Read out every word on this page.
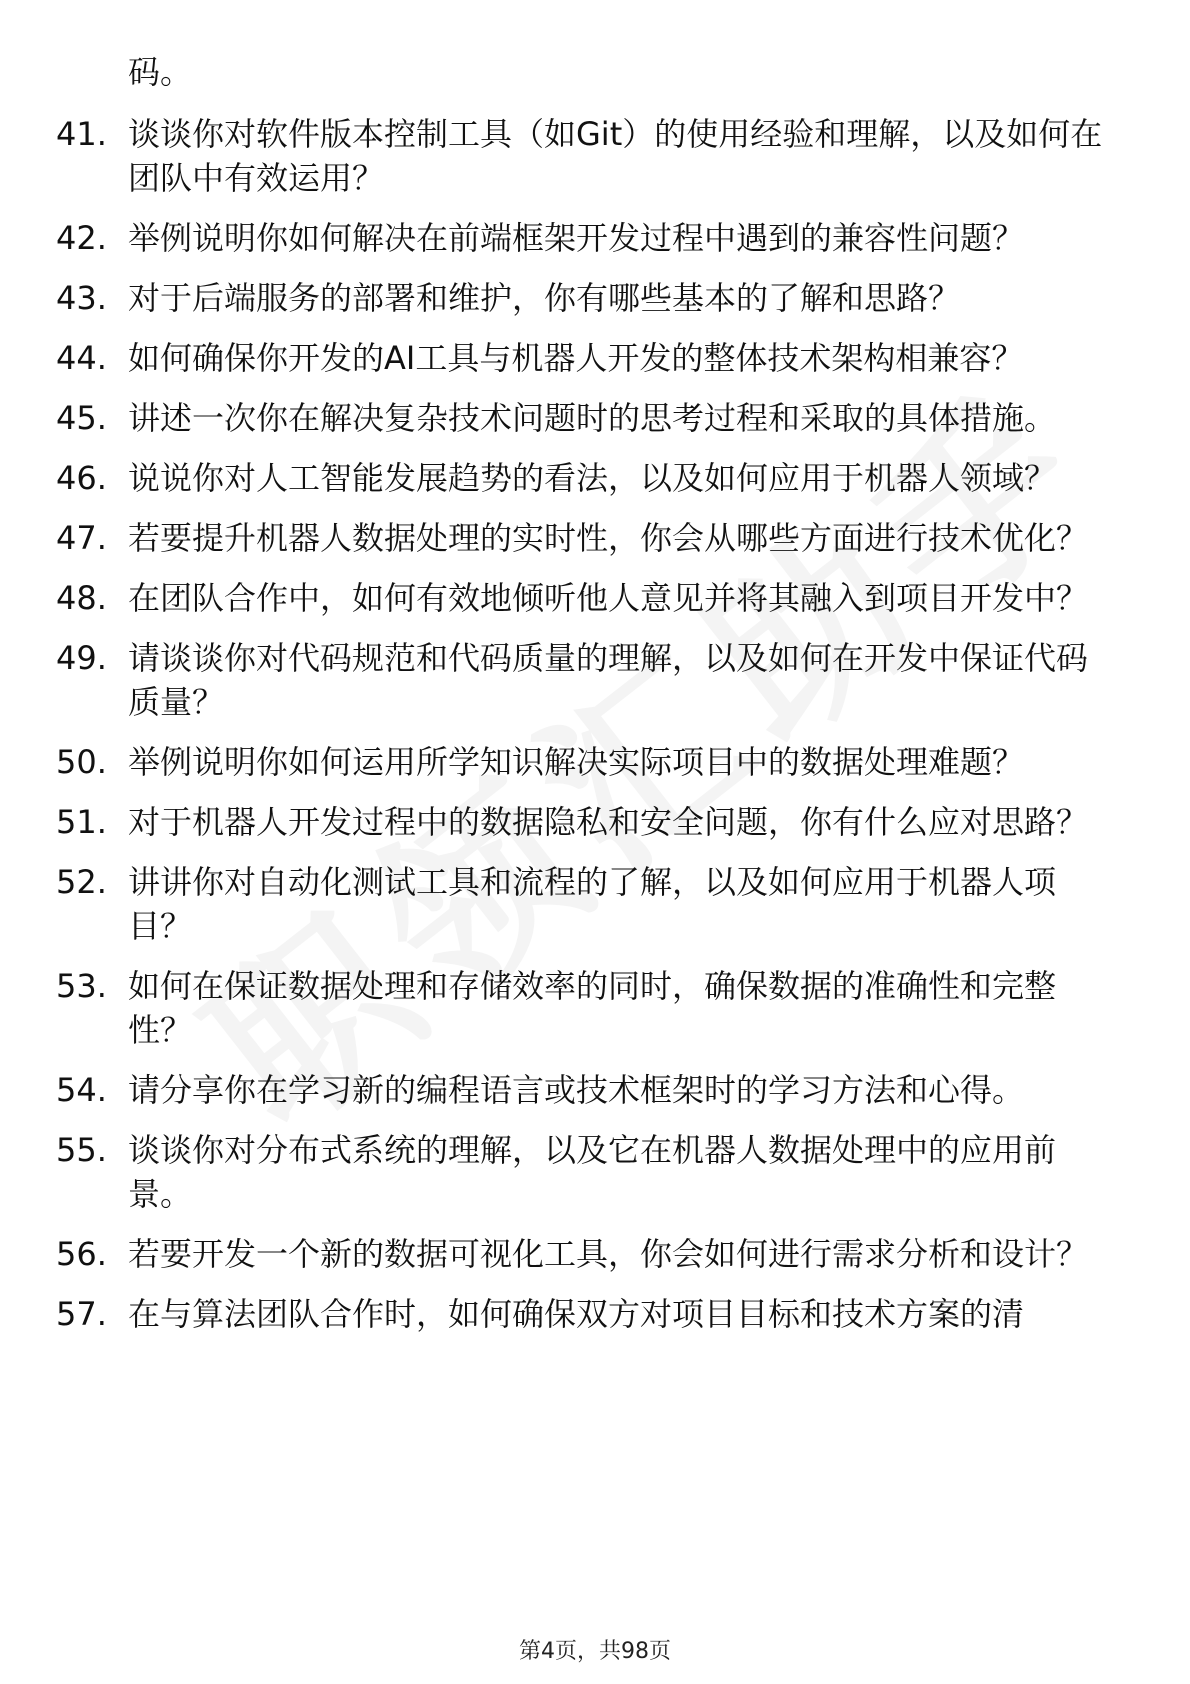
码。
41. 谈谈你对软件版本控制工具（如Git）的使用经验和理解，以及如何在团队中有效运用？
42. 举例说明你如何解决在前端框架开发过程中遇到的兼容性问题？
43. 对于后端服务的部署和维护，你有哪些基本的了解和思路？
44. 如何确保你开发的AI工具与机器人开发的整体技术架构相兼容？
45. 讲述一次你在解决复杂技术问题时的思考过程和采取的具体措施。
46. 说说你对人工智能发展趋势的看法，以及如何应用于机器人领域？
47. 若要提升机器人数据处理的实时性，你会从哪些方面进行技术优化？
48. 在团队合作中，如何有效地倾听他人意见并将其融入到项目开发中？
49. 请谈谈你对代码规范和代码质量的理解，以及如何在开发中保证代码质量？
50. 举例说明你如何运用所学知识解决实际项目中的数据处理难题？
51. 对于机器人开发过程中的数据隐私和安全问题，你有什么应对思路？
52. 讲讲你对自动化测试工具和流程的了解，以及如何应用于机器人项目？
53. 如何在保证数据处理和存储效率的同时，确保数据的准确性和完整性？
54. 请分享你在学习新的编程语言或技术框架时的学习方法和心得。
55. 谈谈你对分布式系统的理解，以及它在机器人数据处理中的应用前景。
56. 若要开发一个新的数据可视化工具，你会如何进行需求分析和设计？
57. 在与算法团队合作时，如何确保双方对项目目标和技术方案的清
第4页，共98页
